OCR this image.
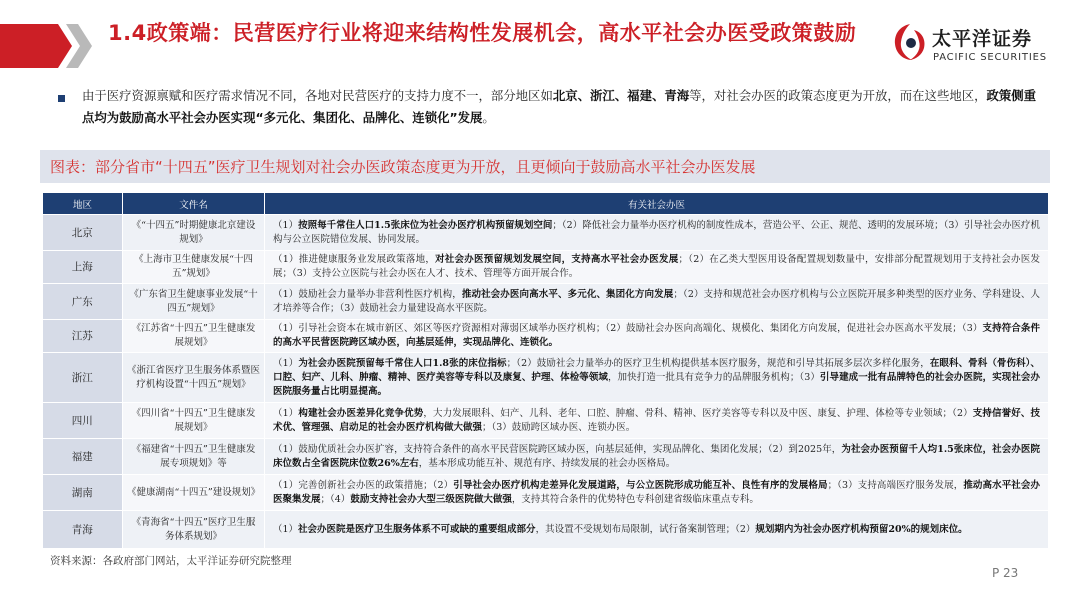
1.4政策端：民营医疗行业将迎来结构性发展机会，高水平社会办医受政策鼓励	太平洋证券
PACIFIC SECURITIES
由于医疗资源禀赋和医疗需求情况不同，各地对民营医疗的支持力度不一，部分地区如北京、浙江、福建、青海等，对社会办医的政策态度更为开放，而在这些地区，政策侧重点均为鼓励高水平社会办医实现“多元化、集团化、品牌化、连锁化”发展。
图表：部分省市“十四五”医疗卫生规划对社会办医政策态度更为开放，且更倾向于鼓励高水平社会办医发展
地区	文件名	有关社会办医
北京	《“十四五”时期健康北京建设规划》	（1）按照每千常住人口1.5张床位为社会办医疗机构预留规划空间；（2）降低社会力量举办医疗机构的制度性成本，营造公平、公正、规范、透明的发展环境；（3）引导社会办医疗机构与公立医院错位发展、协同发展。
上海	《上海市卫生健康发展“十四五”规划》	（1）推进健康服务业发展政策落地，对社会办医预留规划发展空间，支持高水平社会办医发展；（2）在乙类大型医用设备配置规划数量中，安排部分配置规划用于支持社会办医发展；（3）支持公立医院与社会办医在人才、技术、管理等方面开展合作。
广东	《广东省卫生健康事业发展“十四五”规划》	（1）鼓励社会力量举办非营利性医疗机构，推动社会办医向高水平、多元化、集团化方向发展；（2）支持和规范社会办医疗机构与公立医院开展多种类型的医疗业务、学科建设、人才培养等合作；（3）鼓励社会力量建设高水平医院。
江苏	《江苏省“十四五”卫生健康发展规划》	（1）引导社会资本在城市新区、郊区等医疗资源相对薄弱区域举办医疗机构；（2）鼓励社会办医向高端化、规模化、集团化方向发展，促进社会办医高水平发展；（3）支持符合条件的高水平民营医院跨区域办医，向基层延伸，实现品牌化、连锁化。
浙江	《浙江省医疗卫生服务体系暨医疗机构设置“十四五”规划》	（1）为社会办医院预留每千常住人口1.8张的床位指标；（2）鼓励社会力量举办的医疗卫生机构提供基本医疗服务，规范和引导其拓展多层次多样化服务，在眼科、骨科（骨伤科）、口腔、妇产、儿科、肿瘤、精神、医疗美容等专科以及康复、护理、体检等领域，加快打造一批具有竞争力的品牌服务机构；（3）引导建成一批有品牌特色的社会办医院，实现社会办医院服务量占比明显提高。
四川	《四川省“十四五”卫生健康发展规划》	（1）构建社会办医差异化竞争优势，大力发展眼科、妇产、儿科、老年、口腔、肿瘤、骨科、精神、医疗美容等专科以及中医、康复、护理、体检等专业领域；（2）支持信誉好、技术优、管理强、启动足的社会办医疗机构做大做强；（3）鼓励跨区域办医、连锁办医。
福建	《福建省“十四五”卫生健康发展专项规划》等	（1）鼓励优质社会办医扩容，支持符合条件的高水平民营医院跨区域办医，向基层延伸，实现品牌化、集团化发展；（2）到2025年，为社会办医预留千人均1.5张床位，社会办医院床位数占全省医院床位数26%左右，基本形成功能互补、规范有序、持续发展的社会办医格局。
湖南	《健康湖南“十四五”建设规划》	（1）完善创新社会办医的政策措施；（2）引导社会办医疗机构走差异化发展道路，与公立医院形成功能互补、良性有序的发展格局；（3）支持高端医疗服务发展，推动高水平社会办医聚集发展；（4）鼓励支持社会办大型三级医院做大做强，支持其符合条件的优势特色专科创建省级临床重点专科。
青海	《青海省“十四五”医疗卫生服务体系规划》	（1）社会办医院是医疗卫生服务体系不可或缺的重要组成部分，其设置不受规划布局限制，试行备案制管理；（2）规划期内为社会办医疗机构预留20%的规划床位。
资料来源：各政府部门网站，太平洋证券研究院整理
P 23
